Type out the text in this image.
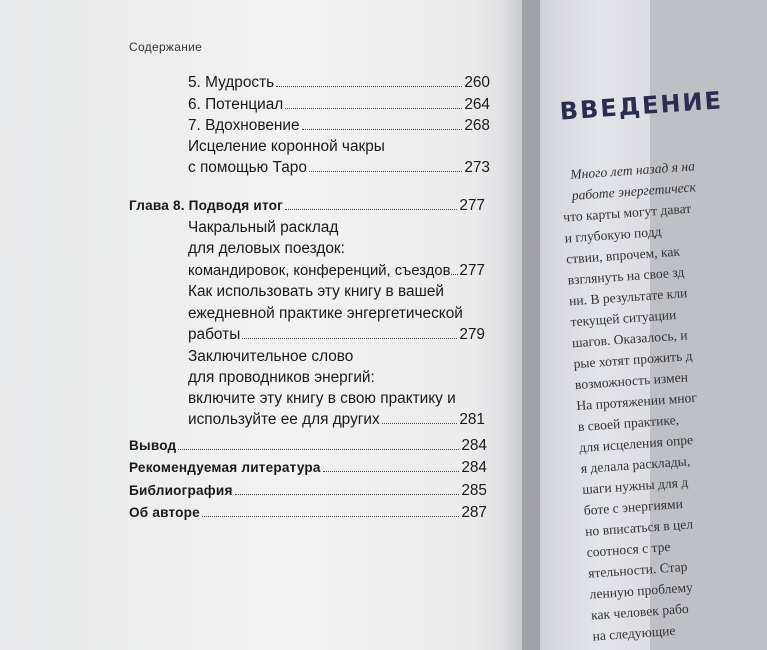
ВВЕДЕНИЕ
Много лет назад я на
работе энергетическ
что карты могут дават
и глубокую подд
ствии, впрочем, как
взглянуть на свое зд
ни. В результате кли
текущей ситуации
шагов. Оказалось, и
рые хотят прожить д
возможность измен
На протяжении мног
в своей практике,
для исцеления опре
я делала расклады,
шаги нужны для д
боте с энергиями
но вписаться в цел
соотнося с тре
ятельности. Стар
ленную проблему
как человек рабо
на следующие
Содержание
5. Мудрость	260
6. Потенциал	264
7. Вдохновение	268
Исцеление коронной чакры
с помощью Таро	273
Глава 8. Подводя итог	277
Чакральный расклад
для деловых поездок:
командировок, конференций, съездов 277
Как использовать эту книгу в вашей
ежедневной практике энгергетической
работы	279
Заключительное слово
для проводников энергий:
включите эту книгу в свою практику и
используйте ее для других	281
Вывод	284
Рекомендуемая литература	284
Библиография	285
Об авторе	287
